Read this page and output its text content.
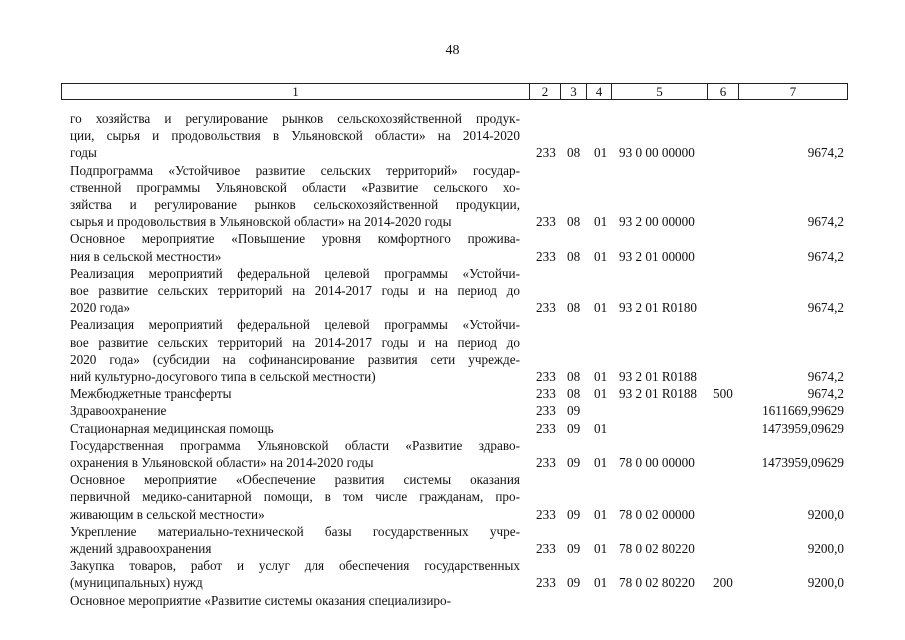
48
1	2	3	4	5	6	7
го хозяйства и регулирование рынков сельскохозяйственной продук-
ции, сырья и продовольствия в Ульяновской области» на 2014-2020
годы	233 08 01 93 0 00 00000	9674,2
Подпрограмма «Устойчивое развитие сельских территорий» государ-
ственной программы Ульяновской области «Развитие сельского хо-
зяйства и регулирование рынков сельскохозяйственной продукции,
сырья и продовольствия в Ульяновской области» на 2014-2020 годы	233 08 01 93 2 00 00000	9674,2
Основное мероприятие «Повышение уровня комфортного прожива-
ния в сельской местности»	233 08 01 93 2 01 00000	9674,2
Реализация мероприятий федеральной целевой программы «Устойчи-
вое развитие сельских территорий на 2014-2017 годы и на период до
2020 года»	233 08 01 93 2 01 R0180	9674,2
Реализация мероприятий федеральной целевой программы «Устойчи-
вое развитие сельских территорий на 2014-2017 годы и на период до
2020 года» (субсидии на софинансирование развития сети учрежде-
ний культурно-досугового типа в сельской местности)	233 08 01 93 2 01 R0188	9674,2
Межбюджетные трансферты	233 08 01 93 2 01 R0188 500	9674,2
Здравоохранение	233 09	1611669,99629
Стационарная медицинская помощь	233 09 01	1473959,09629
Государственная программа Ульяновской области «Развитие здраво-
охранения в Ульяновской области» на 2014-2020 годы	233 09 01 78 0 00 00000	1473959,09629
Основное мероприятие «Обеспечение развития системы оказания
первичной медико-санитарной помощи, в том числе гражданам, про-
живающим в сельской местности»	233 09 01 78 0 02 00000	9200,0
Укрепление материально-технической базы государственных учре-
ждений здравоохранения	233 09 01 78 0 02 80220	9200,0
Закупка товаров, работ и услуг для обеспечения государственных
(муниципальных) нужд	233 09 01 78 0 02 80220 200	9200,0
Основное мероприятие «Развитие системы оказания специализиро-
